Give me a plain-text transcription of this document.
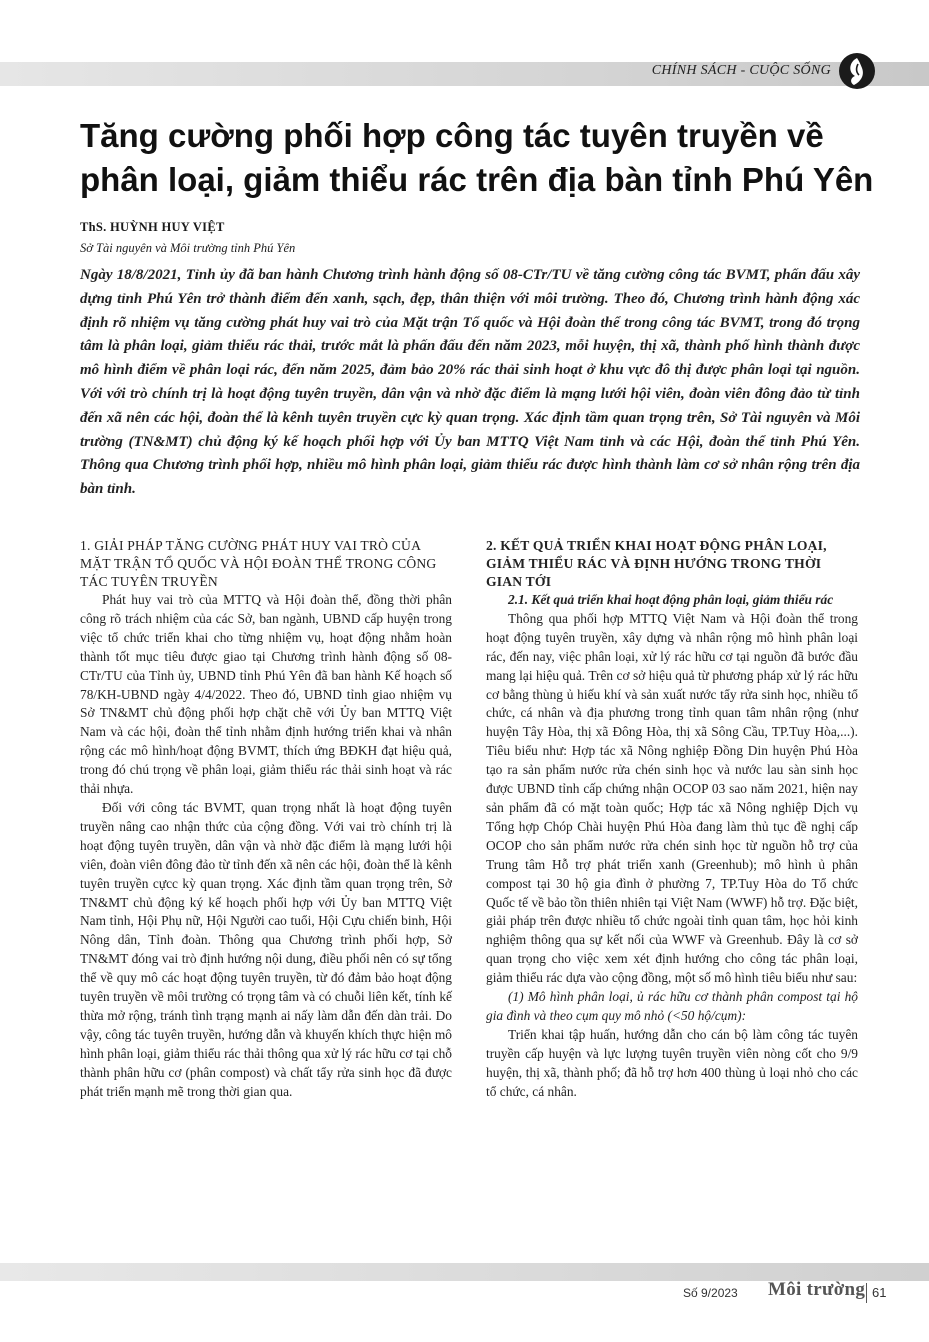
CHÍNH SÁCH - CUỘC SỐNG
Tăng cường phối hợp công tác tuyên truyền về phân loại, giảm thiểu rác trên địa bàn tỉnh Phú Yên
ThS. HUỲNH HUY VIỆT
Sở Tài nguyên và Môi trường tỉnh Phú Yên

Ngày 18/8/2021, Tỉnh ủy đã ban hành Chương trình hành động số 08-CTr/TU về tăng cường công tác BVMT, phấn đấu xây dựng tỉnh Phú Yên trở thành điểm đến xanh, sạch, đẹp, thân thiện với môi trường. Theo đó, Chương trình hành động xác định rõ nhiệm vụ tăng cường phát huy vai trò của Mặt trận Tổ quốc và Hội đoàn thể trong công tác BVMT, trong đó trọng tâm là phân loại, giảm thiểu rác thải, trước mắt là phấn đấu đến năm 2023, mỗi huyện, thị xã, thành phố hình thành được mô hình điểm về phân loại rác, đến năm 2025, đảm bảo 20% rác thải sinh hoạt ở khu vực đô thị được phân loại tại nguồn. Với với trò chính trị là hoạt động tuyên truyền, dân vận và nhờ đặc điểm là mạng lưới hội viên, đoàn viên đông đảo từ tỉnh đến xã nên các hội, đoàn thể là kênh tuyên truyền cực kỳ quan trọng. Xác định tầm quan trọng trên, Sở Tài nguyên và Môi trường (TN&MT) chủ động ký kế hoạch phối hợp với Ủy ban MTTQ Việt Nam tỉnh và các Hội, đoàn thể tỉnh Phú Yên. Thông qua Chương trình phối hợp, nhiều mô hình phân loại, giảm thiểu rác được hình thành làm cơ sở nhân rộng trên địa bàn tỉnh.

1. GIẢI PHÁP TĂNG CƯỜNG PHÁT HUY VAI TRÒ CỦA MẶT TRẬN TỔ QUỐC VÀ HỘI ĐOÀN THỂ TRONG CÔNG TÁC TUYÊN TRUYỀN

Phát huy vai trò của MTTQ và Hội đoàn thể, đồng thời phân công rõ trách nhiệm của các Sở, ban ngành, UBND cấp huyện trong việc tổ chức triển khai cho từng nhiệm vụ, hoạt động nhằm hoàn thành tốt mục tiêu được giao tại Chương trình hành động số 08-CTr/TU của Tỉnh ủy, UBND tỉnh Phú Yên đã ban hành Kế hoạch số 78/KH-UBND ngày 4/4/2022. Theo đó, UBND tỉnh giao nhiệm vụ Sở TN&MT chủ động phối hợp chặt chẽ với Ủy ban MTTQ Việt Nam và các hội, đoàn thể tỉnh nhằm định hướng triển khai và nhân rộng các mô hình/hoạt động BVMT, thích ứng BĐKH đạt hiệu quả, trong đó chú trọng về phân loại, giảm thiểu rác thải sinh hoạt và rác thải nhựa.

Đối với công tác BVMT, quan trọng nhất là hoạt động tuyên truyền nâng cao nhận thức của cộng đồng. Với vai trò chính trị là hoạt động tuyên truyền, dân vận và nhờ đặc điểm là mạng lưới hội viên, đoàn viên đông đảo từ tỉnh đến xã nên các hội, đoàn thể là kênh tuyên truyền cựcc kỳ quan trọng. Xác định tầm quan trọng trên, Sở TN&MT chủ động ký kế hoạch phối hợp với Ủy ban MTTQ Việt Nam tỉnh, Hội Phụ nữ, Hội Người cao tuổi, Hội Cựu chiến binh, Hội Nông dân, Tỉnh đoàn. Thông qua Chương trình phối hợp, Sở TN&MT đóng vai trò định hướng nội dung, điều phối nên có sự tổng thể về quy mô các hoạt động tuyên truyền, từ đó đảm bảo hoạt động tuyên truyền về môi trường có trọng tâm và có chuỗi liên kết, tính kế thừa mở rộng, tránh tình trạng mạnh ai nấy làm dẫn đến dàn trải. Do vậy, công tác tuyên truyền, hướng dẫn và khuyến khích thực hiện mô hình phân loại, giảm thiểu rác thải thông qua xử lý rác hữu cơ tại chỗ thành phân hữu cơ (phân compost) và chất tẩy rửa sinh học đã được phát triển mạnh mẽ trong thời gian qua.

2. KẾT QUẢ TRIỂN KHAI HOẠT ĐỘNG PHÂN LOẠI, GIẢM THIỂU RÁC VÀ ĐỊNH HƯỚNG TRONG THỜI GIAN TỚI

2.1. Kết quả triển khai hoạt động phân loại, giảm thiểu rác

Thông qua phối hợp MTTQ Việt Nam và Hội đoàn thể trong hoạt động tuyên truyền, xây dựng và nhân rộng mô hình phân loại rác, đến nay, việc phân loại, xử lý rác hữu cơ tại nguồn đã bước đầu mang lại hiệu quả. Trên cơ sở hiệu quả từ phương pháp xử lý rác hữu cơ bằng thùng ủ hiếu khí và sản xuất nước tẩy rửa sinh học, nhiều tổ chức, cá nhân và địa phương trong tỉnh quan tâm nhân rộng (như huyện Tây Hòa, thị xã Đông Hòa, thị xã Sông Cầu, TP.Tuy Hòa,...). Tiêu biểu như: Hợp tác xã Nông nghiệp Đồng Din huyện Phú Hòa tạo ra sản phẩm nước rửa chén sinh học và nước lau sàn sinh học được UBND tỉnh cấp chứng nhận OCOP 03 sao năm 2021, hiện nay sản phẩm đã có mặt toàn quốc; Hợp tác xã Nông nghiệp Dịch vụ Tổng hợp Chóp Chài huyện Phú Hòa đang làm thủ tục đề nghị cấp OCOP cho sản phẩm nước rửa chén sinh học từ nguồn hỗ trợ của Trung tâm Hỗ trợ phát triển xanh (Greenhub); mô hình ủ phân compost tại 30 hộ gia đình ở phường 7, TP.Tuy Hòa do Tổ chức Quốc tế về bảo tồn thiên nhiên tại Việt Nam (WWF) hỗ trợ. Đặc biệt, giải pháp trên được nhiều tổ chức ngoài tỉnh quan tâm, học hỏi kinh nghiệm thông qua sự kết nối của WWF và Greenhub. Đây là cơ sở quan trọng cho việc xem xét định hướng cho công tác phân loại, giảm thiểu rác dựa vào cộng đồng, một số mô hình tiêu biểu như sau:

(1) Mô hình phân loại, ủ rác hữu cơ thành phân compost tại hộ gia đình và theo cụm quy mô nhỏ (<50 hộ/cụm):

Triển khai tập huấn, hướng dẫn cho cán bộ làm công tác tuyên truyền cấp huyện và lực lượng tuyên truyền viên nòng cốt cho 9/9 huyện, thị xã, thành phố; đã hỗ trợ hơn 400 thùng ủ loại nhỏ cho các tổ chức, cá nhân.

Số 9/2023 Môi trường 61
